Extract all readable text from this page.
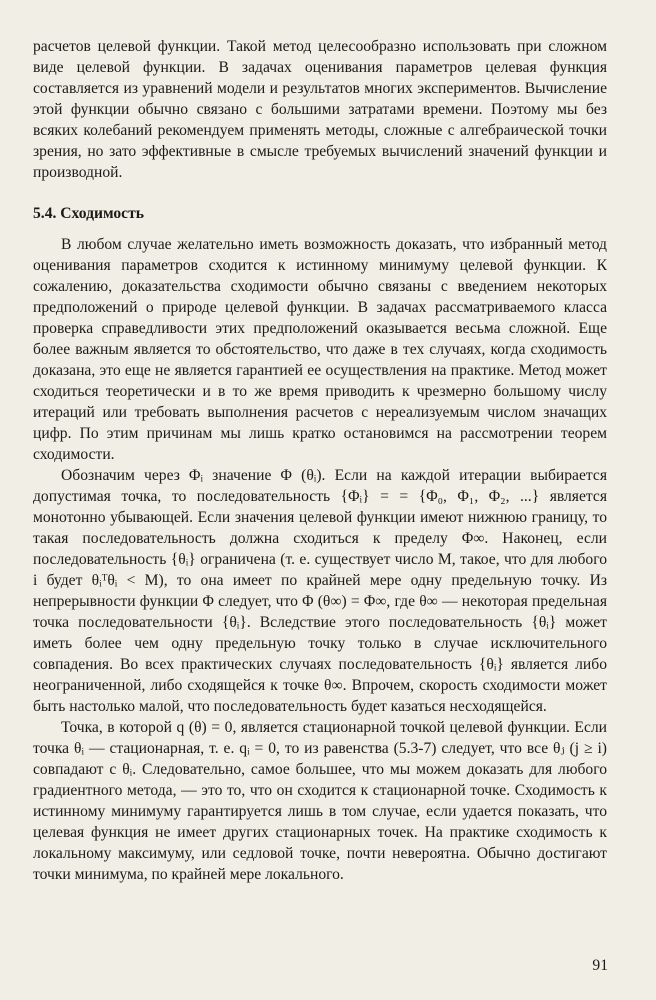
расчетов целевой функции. Такой метод целесообразно использовать при сложном виде целевой функции. В задачах оценивания параметров целевая функция составляется из уравнений модели и результатов многих экспериментов. Вычисление этой функции обычно связано с большими затратами времени. Поэтому мы без всяких колебаний рекомендуем применять методы, сложные с алгебраической точки зрения, но зато эффективные в смысле требуемых вычислений значений функции и производной.

5.4. Сходимость

В любом случае желательно иметь возможность доказать, что избранный метод оценивания параметров сходится к истинному минимуму целевой функции. К сожалению, доказательства сходимости обычно связаны с введением некоторых предположений о природе целевой функции. В задачах рассматриваемого класса проверка справедливости этих предположений оказывается весьма сложной. Еще более важным является то обстоятельство, что даже в тех случаях, когда сходимость доказана, это еще не является гарантией ее осуществления на практике. Метод может сходиться теоретически и в то же время приводить к чрезмерно большому числу итераций или требовать выполнения расчетов с нереализуемым числом значащих цифр. По этим причинам мы лишь кратко остановимся на рассмотрении теорем сходимости.

Обозначим через Φᵢ значение Φ (θᵢ). Если на каждой итерации выбирается допустимая точка, то последовательность {Φᵢ} = = {Φ₀, Φ₁, Φ₂, ...} является монотонно убывающей. Если значения целевой функции имеют нижнюю границу, то такая последовательность должна сходиться к пределу Φ∞. Наконец, если последовательность {θᵢ} ограничена (т. е. существует число M, такое, что для любого i будет θᵢᵀθᵢ < M), то она имеет по крайней мере одну предельную точку. Из непрерывности функции Φ следует, что Φ (θ∞) = Φ∞, где θ∞ — некоторая предельная точка последовательности {θᵢ}. Вследствие этого последовательность {θᵢ} может иметь более чем одну предельную точку только в случае исключительного совпадения. Во всех практических случаях последовательность {θᵢ} является либо неограниченной, либо сходящейся к точке θ∞. Впрочем, скорость сходимости может быть настолько малой, что последовательность будет казаться несходящейся.

Точка, в которой q (θ) = 0, является стационарной точкой целевой функции. Если точка θᵢ — стационарная, т. е. qᵢ = 0, то из равенства (5.3-7) следует, что все θⱼ (j ≥ i) совпадают с θᵢ. Следовательно, самое большее, что мы можем доказать для любого градиентного метода, — это то, что он сходится к стационарной точке. Сходимость к истинному минимуму гарантируется лишь в том случае, если удается показать, что целевая функция не имеет других стационарных точек. На практике сходимость к локальному максимуму, или седловой точке, почти невероятна. Обычно достигают точки минимума, по крайней мере локального.

91
